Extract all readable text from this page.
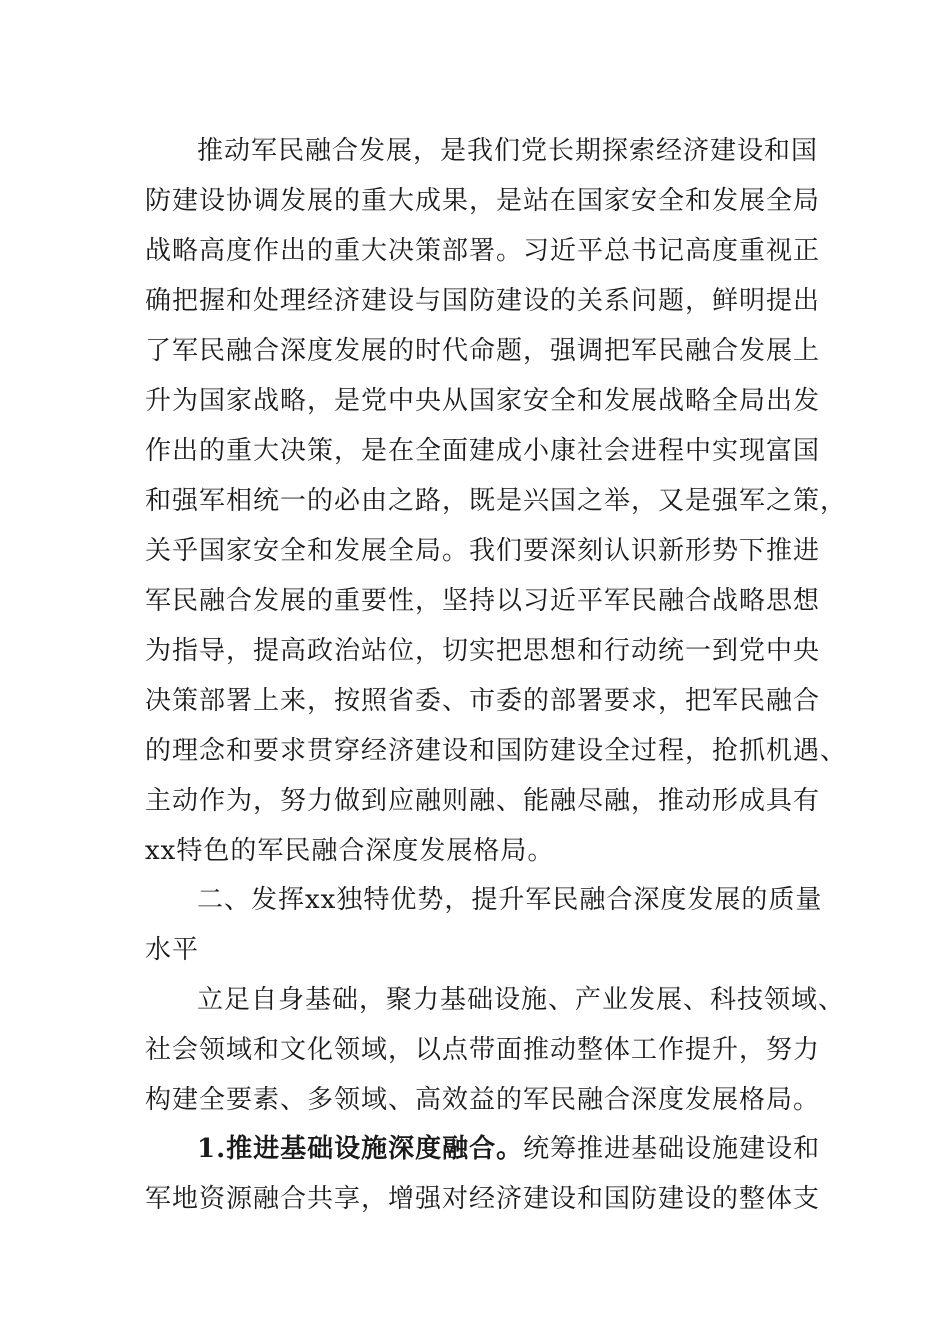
推动军民融合发展，是我们党长期探索经济建设和国
防建设协调发展的重大成果，是站在国家安全和发展全局
战略高度作出的重大决策部署。习近平总书记高度重视正
确把握和处理经济建设与国防建设的关系问题，鲜明提出
了军民融合深度发展的时代命题，强调把军民融合发展上
升为国家战略，是党中央从国家安全和发展战略全局出发
作出的重大决策，是在全面建成小康社会进程中实现富国
和强军相统一的必由之路，既是兴国之举，又是强军之策，
关乎国家安全和发展全局。我们要深刻认识新形势下推进
军民融合发展的重要性，坚持以习近平军民融合战略思想
为指导，提高政治站位，切实把思想和行动统一到党中央
决策部署上来，按照省委、市委的部署要求，把军民融合
的理念和要求贯穿经济建设和国防建设全过程，抢抓机遇、
主动作为，努力做到应融则融、能融尽融，推动形成具有
xx特色的军民融合深度发展格局。
二、发挥xx独特优势，提升军民融合深度发展的质量
水平
立足自身基础，聚力基础设施、产业发展、科技领域、
社会领域和文化领域，以点带面推动整体工作提升，努力
构建全要素、多领域、高效益的军民融合深度发展格局。
1.推进基础设施深度融合。统筹推进基础设施建设和
军地资源融合共享，增强对经济建设和国防建设的整体支
